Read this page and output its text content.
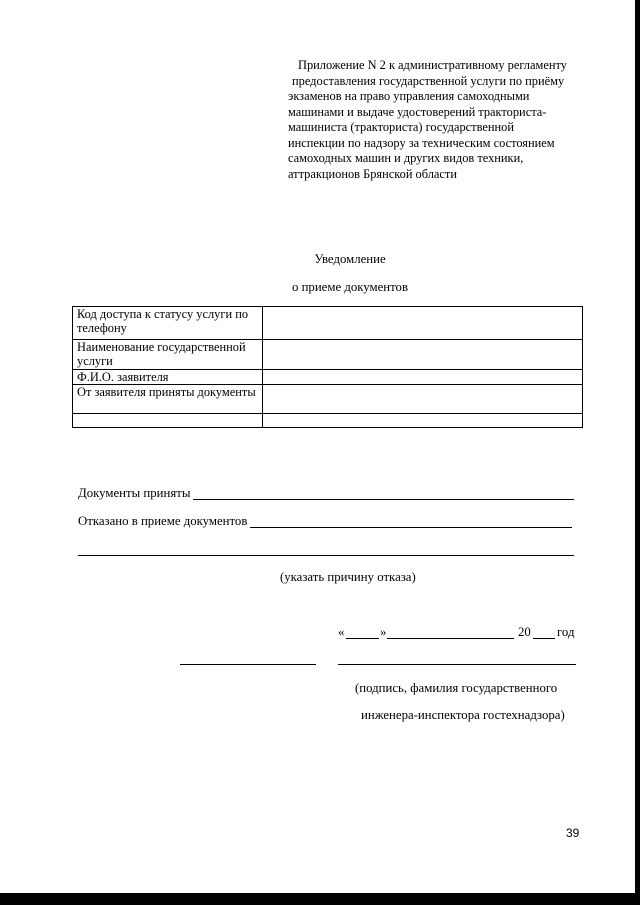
Приложение N 2 к административному регламенту
предоставления государственной услуги по приёму
экзаменов на право управления самоходными
машинами и выдаче удостоверений тракториста-
машиниста (тракториста) государственной
инспекции по надзору за техническим состоянием
самоходных машин и других видов техники,
аттракционов Брянской области
Уведомление
о приеме документов
Код доступа к статусу услуги по телефону	
Наименование государственной услуги	
Ф.И.О. заявителя	
От заявителя приняты документы	

Документы приняты
Отказано в приеме документов
(указать причину отказа)
«	»	20 год
(подпись, фамилия государственного
инженера-инспектора гостехнадзора)
39
